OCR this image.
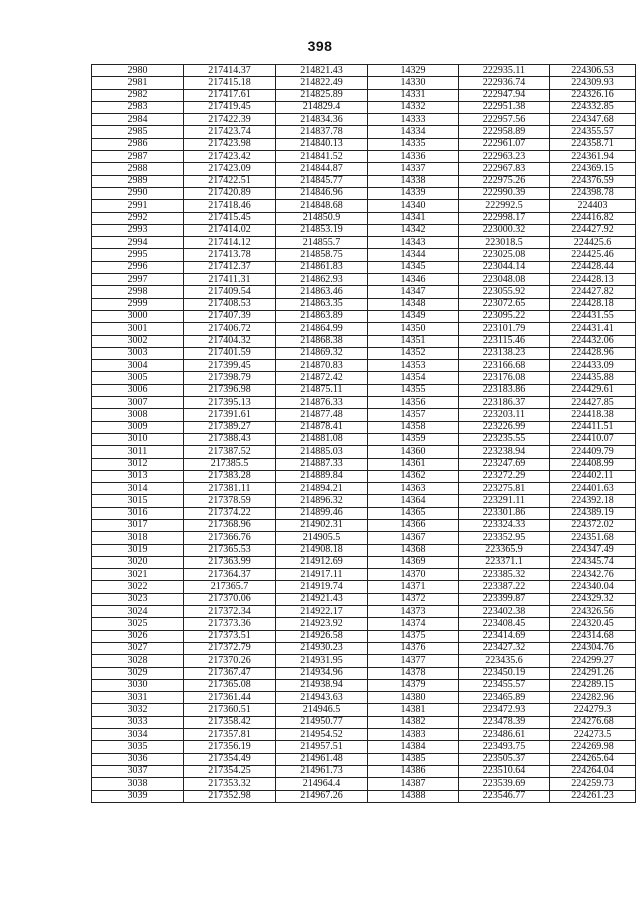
398
2980	217414.37	214821.43	14329	222935.11	224306.53
2981	217415.18	214822.49	14330	222936.74	224309.93
2982	217417.61	214825.89	14331	222947.94	224326.16
2983	217419.45	214829.4	14332	222951.38	224332.85
2984	217422.39	214834.36	14333	222957.56	224347.68
2985	217423.74	214837.78	14334	222958.89	224355.57
2986	217423.98	214840.13	14335	222961.07	224358.71
2987	217423.42	214841.52	14336	222963.23	224361.94
2988	217423.09	214844.87	14337	222967.83	224369.15
2989	217422.51	214845.77	14338	222975.26	224376.59
2990	217420.89	214846.96	14339	222990.39	224398.78
2991	217418.46	214848.68	14340	222992.5	224403
2992	217415.45	214850.9	14341	222998.17	224416.82
2993	217414.02	214853.19	14342	223000.32	224427.92
2994	217414.12	214855.7	14343	223018.5	224425.6
2995	217413.78	214858.75	14344	223025.08	224425.46
2996	217412.37	214861.83	14345	223044.14	224428.44
2997	217411.31	214862.93	14346	223048.08	224428.13
2998	217409.54	214863.46	14347	223055.92	224427.82
2999	217408.53	214863.35	14348	223072.65	224428.18
3000	217407.39	214863.89	14349	223095.22	224431.55
3001	217406.72	214864.99	14350	223101.79	224431.41
3002	217404.32	214868.38	14351	223115.46	224432.06
3003	217401.59	214869.32	14352	223138.23	224428.96
3004	217399.45	214870.83	14353	223166.68	224433.09
3005	217398.79	214872.42	14354	223176.08	224435.88
3006	217396.98	214875.11	14355	223183.86	224429.61
3007	217395.13	214876.33	14356	223186.37	224427.85
3008	217391.61	214877.48	14357	223203.11	224418.38
3009	217389.27	214878.41	14358	223226.99	224411.51
3010	217388.43	214881.08	14359	223235.55	224410.07
3011	217387.52	214885.03	14360	223238.94	224409.79
3012	217385.5	214887.33	14361	223247.69	224408.99
3013	217383.28	214889.84	14362	223272.29	224402.11
3014	217381.11	214894.21	14363	223275.81	224401.63
3015	217378.59	214896.32	14364	223291.11	224392.18
3016	217374.22	214899.46	14365	223301.86	224389.19
3017	217368.96	214902.31	14366	223324.33	224372.02
3018	217366.76	214905.5	14367	223352.95	224351.68
3019	217365.53	214908.18	14368	223365.9	224347.49
3020	217363.99	214912.69	14369	223371.1	224345.74
3021	217364.37	214917.11	14370	223385.32	224342.76
3022	217365.7	214919.74	14371	223387.22	224340.04
3023	217370.06	214921.43	14372	223399.87	224329.32
3024	217372.34	214922.17	14373	223402.38	224326.56
3025	217373.36	214923.92	14374	223408.45	224320.45
3026	217373.51	214926.58	14375	223414.69	224314.68
3027	217372.79	214930.23	14376	223427.32	224304.76
3028	217370.26	214931.95	14377	223435.6	224299.27
3029	217367.47	214934.96	14378	223450.19	224291.26
3030	217365.08	214938.94	14379	223455.57	224289.15
3031	217361.44	214943.63	14380	223465.89	224282.96
3032	217360.51	214946.5	14381	223472.93	224279.3
3033	217358.42	214950.77	14382	223478.39	224276.68
3034	217357.81	214954.52	14383	223486.61	224273.5
3035	217356.19	214957.51	14384	223493.75	224269.98
3036	217354.49	214961.48	14385	223505.37	224265.64
3037	217354.25	214961.73	14386	223510.64	224264.04
3038	217353.32	214964.4	14387	223539.69	224259.73
3039	217352.98	214967.26	14388	223546.77	224261.23
